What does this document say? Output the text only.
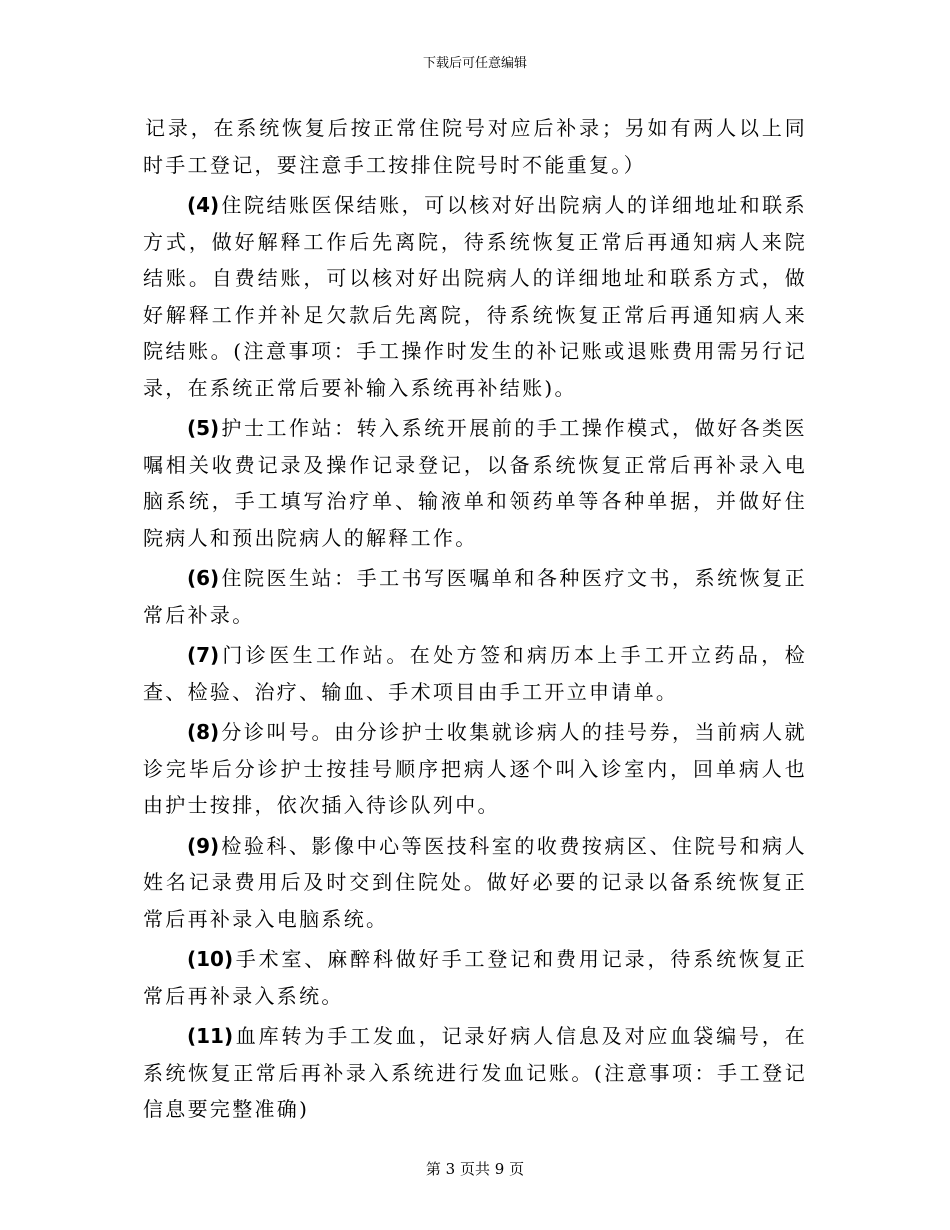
下载后可任意编辑

记录，在系统恢复后按正常住院号对应后补录；另如有两人以上同时手工登记，要注意手工按排住院号时不能重复。）

(4) 住院结账医保结账，可以核对好出院病人的详细地址和联系方式，做好解释工作后先离院，待系统恢复正常后再通知病人来院结账。自费结账，可以核对好出院病人的详细地址和联系方式，做好解释工作并补足欠款后先离院，待系统恢复正常后再通知病人来院结账。(注意事项：手工操作时发生的补记账或退账费用需另行记录，在系统正常后要补输入系统再补结账)。

(5) 护士工作站：转入系统开展前的手工操作模式，做好各类医嘱相关收费记录及操作记录登记，以备系统恢复正常后再补录入电脑系统，手工填写治疗单、输液单和领药单等各种单据，并做好住院病人和预出院病人的解释工作。

(6) 住院医生站：手工书写医嘱单和各种医疗文书，系统恢复正常后补录。

(7) 门诊医生工作站。在处方签和病历本上手工开立药品，检查、检验、治疗、输血、手术项目由手工开立申请单。

(8) 分诊叫号。由分诊护士收集就诊病人的挂号券，当前病人就诊完毕后分诊护士按挂号顺序把病人逐个叫入诊室内，回单病人也由护士按排，依次插入待诊队列中。

(9) 检验科、影像中心等医技科室的收费按病区、住院号和病人姓名记录费用后及时交到住院处。做好必要的记录以备系统恢复正常后再补录入电脑系统。

(10) 手术室、麻醉科做好手工登记和费用记录，待系统恢复正常后再补录入系统。

(11) 血库转为手工发血，记录好病人信息及对应血袋编号，在系统恢复正常后再补录入系统进行发血记账。(注意事项：手工登记信息要完整准确)

第 3 页共 9 页
